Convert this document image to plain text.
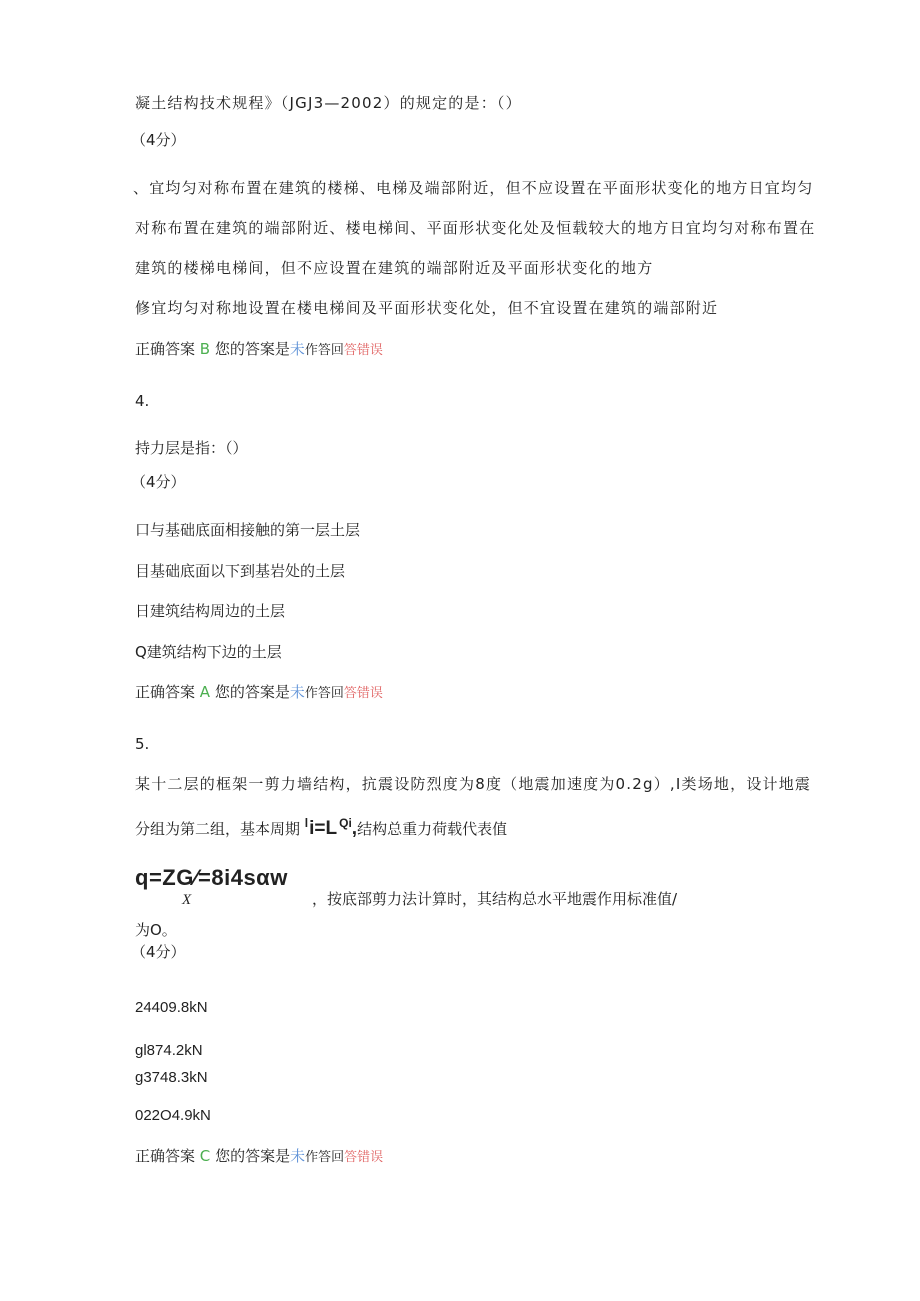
凝土结构技术规程》（JGJ3—2002）的规定的是：（）
（4分）
、宜均匀对称布置在建筑的楼梯、电梯及端部附近，但不应设置在平面形状变化的地方日宜均匀
对称布置在建筑的端部附近、楼电梯间、平面形状变化处及恒载较大的地方日宜均匀对称布置在
建筑的楼梯电梯间，但不应设置在建筑的端部附近及平面形状变化的地方
修宜均匀对称地设置在楼电梯间及平面形状变化处，但不宜设置在建筑的端部附近
正确答案 B 您的答案是未作答回答错误
4.
持力层是指：（）
（4分）
口与基础底面相接触的第一层土层
目基础底面以下到基岩处的土层
日建筑结构周边的土层
Q建筑结构下边的土层
正确答案 A 您的答案是未作答回答错误
5.
某十二层的框架一剪力墙结构，抗震设防烈度为8度（地震加速度为0.2g）,I类场地，设计地震
分组为第二组，基本周期 $^l$i=L $^{Qi}$,结构总重力荷载代表值
q=ZG⁄=8i4sαw
X	，按底部剪力法计算时，其结构总水平地震作用标准值/
为O。
（4分）
24409.8kN
gl874.2kN
g3748.3kN
022O4.9kN
正确答案 C 您的答案是未作答回答错误
